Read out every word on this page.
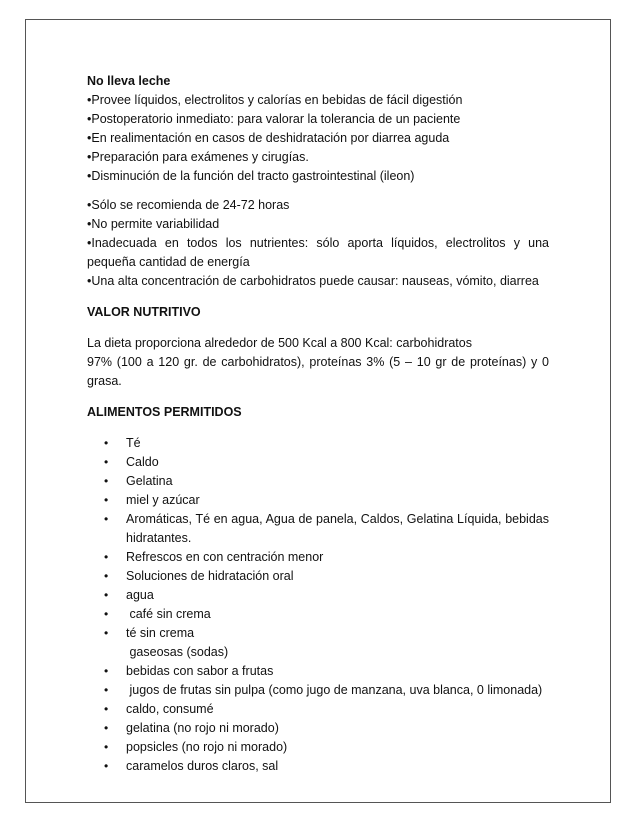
No lleva leche

•Provee líquidos, electrolitos y calorías en bebidas de fácil digestión

•Postoperatorio inmediato: para valorar la tolerancia de un paciente

•En realimentación en casos de deshidratación por diarrea aguda

•Preparación para exámenes y cirugías.

•Disminución de la función del tracto gastrointestinal (ileon)

•Sólo se recomienda de 24-72 horas

•No permite variabilidad

•Inadecuada en todos los nutrientes: sólo aporta líquidos, electrolitos y una

pequeña cantidad de energía

•Una alta concentración de carbohidratos puede causar: nauseas, vómito, diarrea

VALOR NUTRITIVO

La dieta proporciona alrededor de 500 Kcal a 800 Kcal: carbohidratos

97% (100 a 120 gr. de carbohidratos), proteínas 3% (5 – 10 gr de proteínas) y 0

grasa.

ALIMENTOS PERMITIDOS

• Té
• Caldo
• Gelatina
• miel y azúcar
• Aromáticas, Té en agua, Agua de panela, Caldos, Gelatina Líquida, bebidas
hidratantes.
• Refrescos en con centración menor
• Soluciones de hidratación oral
• agua
• café sin crema
• té sin crema
gaseosas (sodas)
• bebidas con sabor a frutas
• jugos de frutas sin pulpa (como jugo de manzana, uva blanca, 0 limonada)
• caldo, consumé
• gelatina (no rojo ni morado)
• popsicles (no rojo ni morado)
• caramelos duros claros, sal
